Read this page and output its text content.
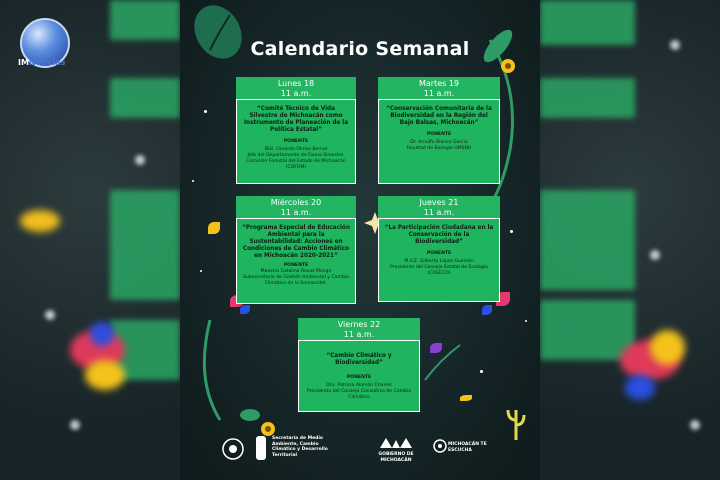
Calendario Semanal
Lunes 18
11 a.m.
“Comité Técnico de Vida Silvestre de Michoacán como Instrumento de Planeación de la Política Estatal”
PONENTE
Biól. Gerardo Olmos Bernal
Jefe del Departamento de Fauna Silvestre. Comisión Forestal del Estado de Michoacán (COFOM)
Martes 19
11 a.m.
“Conservación Comunitaria de la Biodiversidad en la Región del Bajo Balsas, Michoacán”
PONENTE
Dr. Arnulfo Blanco García
Facultad de Biología UMSNH
Miércoles 20
11 a.m.
“Programa Especial de Educación Ambiental para la Sustentabilidad: Acciones en Condiciones de Cambio Climático en Michoacán 2020-2021”
PONENTE
Maestra Catalina Rosas Monge
Subsecretaria de Gestión Ambiental y Cambio Climático de la Semaccdet.
Jueves 21
11 a.m.
“La Participación Ciudadana en la Conservación de la Biodiversidad”
PONENTE
M.V.Z. Gilberto López Guzmán
Presidente del Consejo Estatal de Ecología (COEECO)
Viernes 22
11 a.m.
“Cambio Climático y Biodiversidad”
PONENTE
Dra. Patricia Alarcón Chaires
Presidenta del Consejo Consultivo de Cambio Climático
Secretaría de Medio Ambiente, Cambio Climático y Desarrollo Territorial	GOBIERNO DE MICHOACÁN
MICHOACÁN TE ESCUCHA
IMNoticias
